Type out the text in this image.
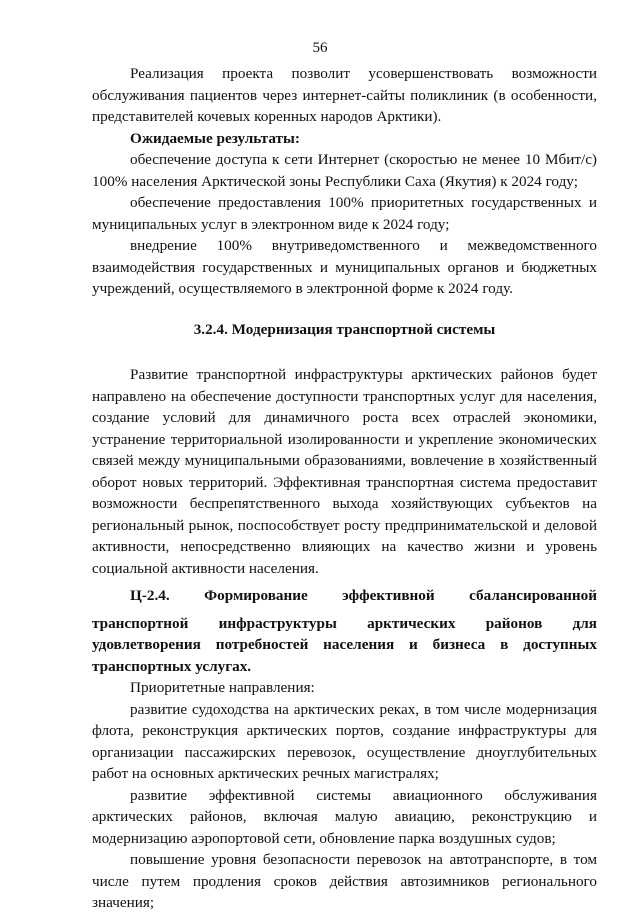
56

Реализация проекта позволит усовершенствовать возможности обслуживания пациентов через интернет-сайты поликлиник (в особенности, представителей кочевых коренных народов Арктики).

Ожидаемые результаты:

обеспечение доступа к сети Интернет (скоростью не менее 10 Мбит/с) 100% населения Арктической зоны Республики Саха (Якутия) к 2024 году;

обеспечение предоставления 100% приоритетных государственных и муниципальных услуг в электронном виде к 2024 году;

внедрение 100% внутриведомственного и межведомственного взаимодействия государственных и муниципальных органов и бюджетных учреждений, осуществляемого в электронной форме к 2024 году.

3.2.4. Модернизация транспортной системы

Развитие транспортной инфраструктуры арктических районов будет направлено на обеспечение доступности транспортных услуг для населения, создание условий для динамичного роста всех отраслей экономики, устранение территориальной изолированности и укрепление экономических связей между муниципальными образованиями, вовлечение в хозяйственный оборот новых территорий. Эффективная транспортная система предоставит возможности беспрепятственного выхода хозяйствующих субъектов на региональный рынок, поспособствует росту предпринимательской и деловой активности, непосредственно влияющих на качество жизни и уровень социальной активности населения.

Ц-2.4. Формирование эффективной сбалансированной

транспортной инфраструктуры арктических районов для

удовлетворения потребностей населения и бизнеса в доступных

транспортных услугах.

Приоритетные направления:

развитие судоходства на арктических реках, в том числе модернизация флота, реконструкция арктических портов, создание инфраструктуры для организации пассажирских перевозок, осуществление дноуглубительных работ на основных арктических речных магистралях;

развитие эффективной системы авиационного обслуживания арктических районов, включая малую авиацию, реконструкцию и модернизацию аэропортовой сети, обновление парка воздушных судов;

повышение уровня безопасности перевозок на автотранспорте, в том числе путем продления сроков действия автозимников регионального значения;
